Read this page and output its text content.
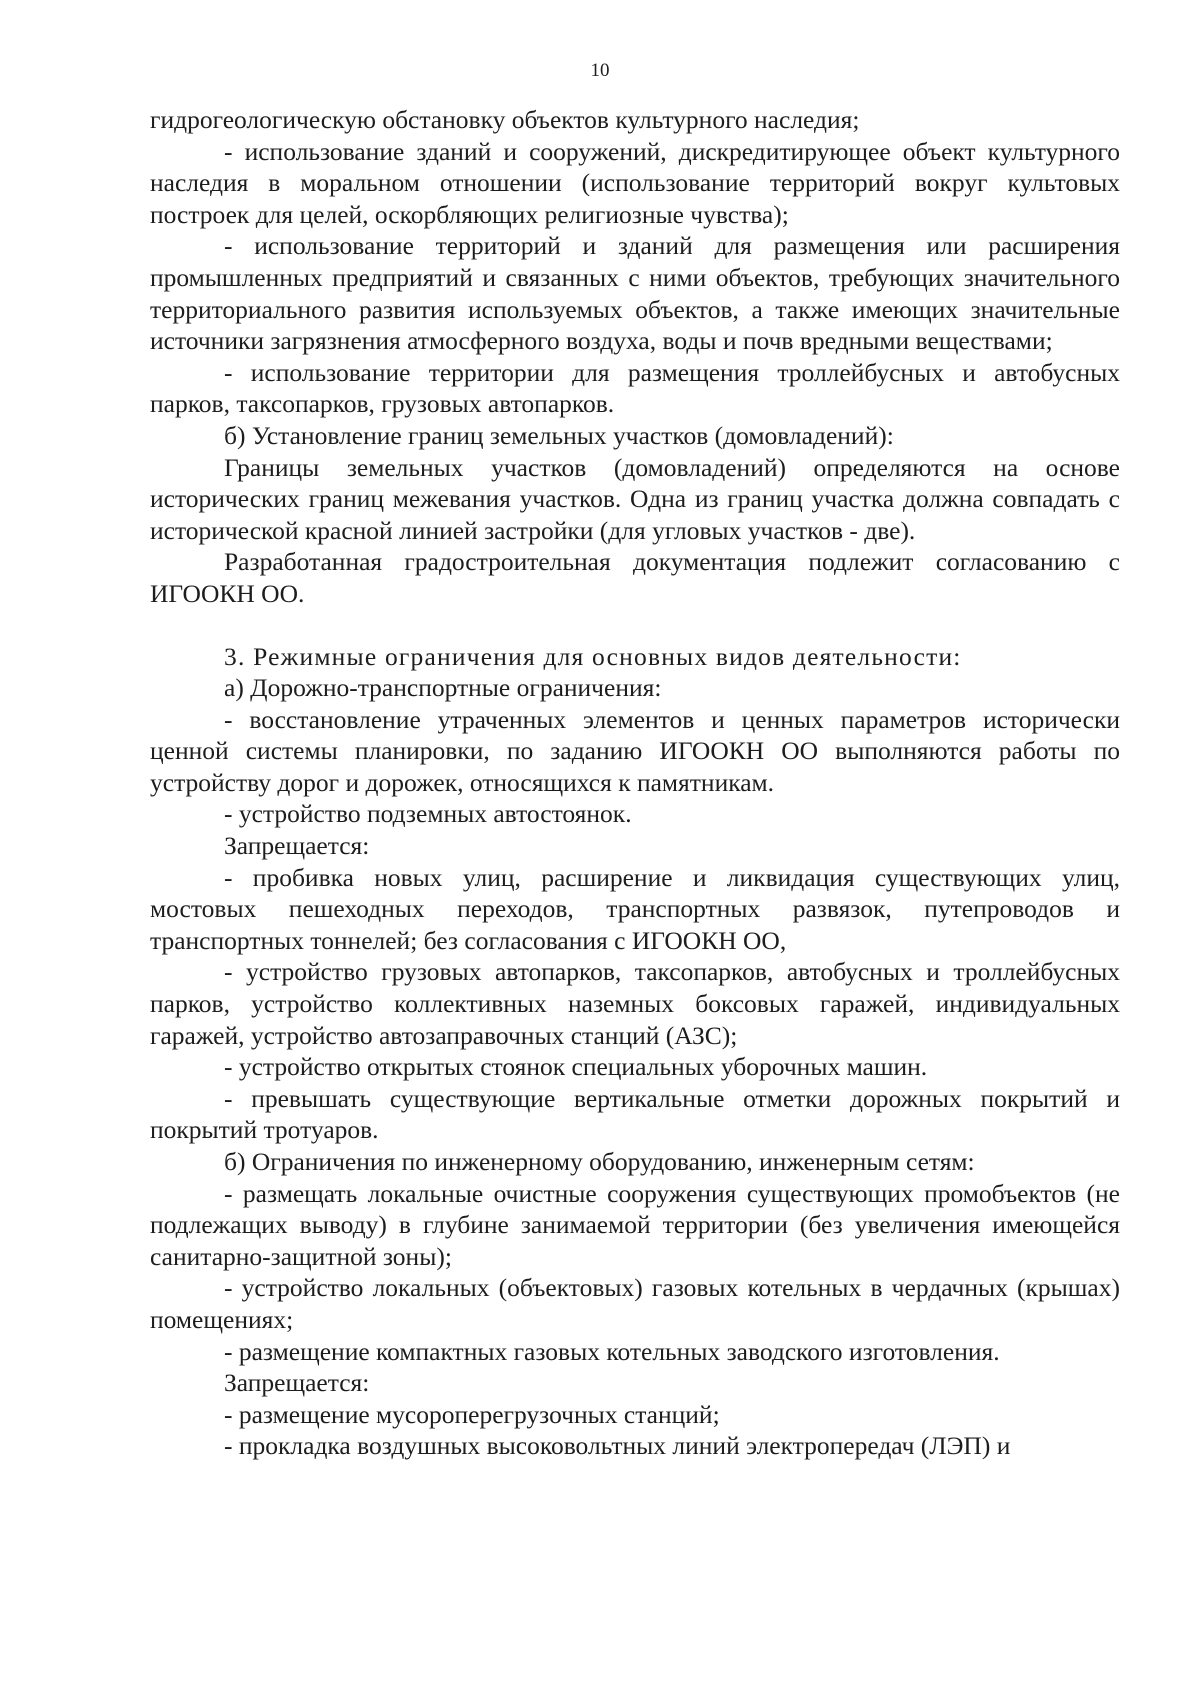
10

гидрогеологическую обстановку объектов культурного наследия;

- использование зданий и сооружений, дискредитирующее объект культурного наследия в моральном отношении (использование территорий вокруг культовых построек для целей, оскорбляющих религиозные чувства);

- использование территорий и зданий для размещения или расширения промышленных предприятий и связанных с ними объектов, требующих значительного территориального развития используемых объектов, а также имеющих значительные источники загрязнения атмосферного воздуха, воды и почв вредными веществами;

- использование территории для размещения троллейбусных и автобусных парков, таксопарков, грузовых автопарков.

б) Установление границ земельных участков (домовладений):

Границы земельных участков (домовладений) определяются на основе исторических границ межевания участков. Одна из границ участка должна совпадать с исторической красной линией застройки (для угловых участков - две).

Разработанная градостроительная документация подлежит согласованию с ИГООКН ОО.

3. Режимные ограничения для основных видов деятельности:

а) Дорожно-транспортные ограничения:

- восстановление утраченных элементов и ценных параметров исторически ценной системы планировки, по заданию ИГООКН ОО выполняются работы по устройству дорог и дорожек, относящихся к памятникам.

- устройство подземных автостоянок.

Запрещается:

- пробивка новых улиц, расширение и ликвидация существующих улиц, мостовых пешеходных переходов, транспортных развязок, путепроводов и транспортных тоннелей; без согласования с ИГООКН ОО,

- устройство грузовых автопарков, таксопарков, автобусных и троллейбусных парков, устройство коллективных наземных боксовых гаражей, индивидуальных гаражей, устройство автозаправочных станций (АЗС);

- устройство открытых стоянок специальных уборочных машин.

- превышать существующие вертикальные отметки дорожных покрытий и покрытий тротуаров.

б) Ограничения по инженерному оборудованию, инженерным сетям:

- размещать локальные очистные сооружения существующих промобъектов (не подлежащих выводу) в глубине занимаемой территории (без увеличения имеющейся санитарно-защитной зоны);

- устройство локальных (объектовых) газовых котельных в чердачных (крышах) помещениях;

- размещение компактных газовых котельных заводского изготовления.

Запрещается:

- размещение мусороперегрузочных станций;

- прокладка воздушных высоковольтных линий электропередач (ЛЭП) и
